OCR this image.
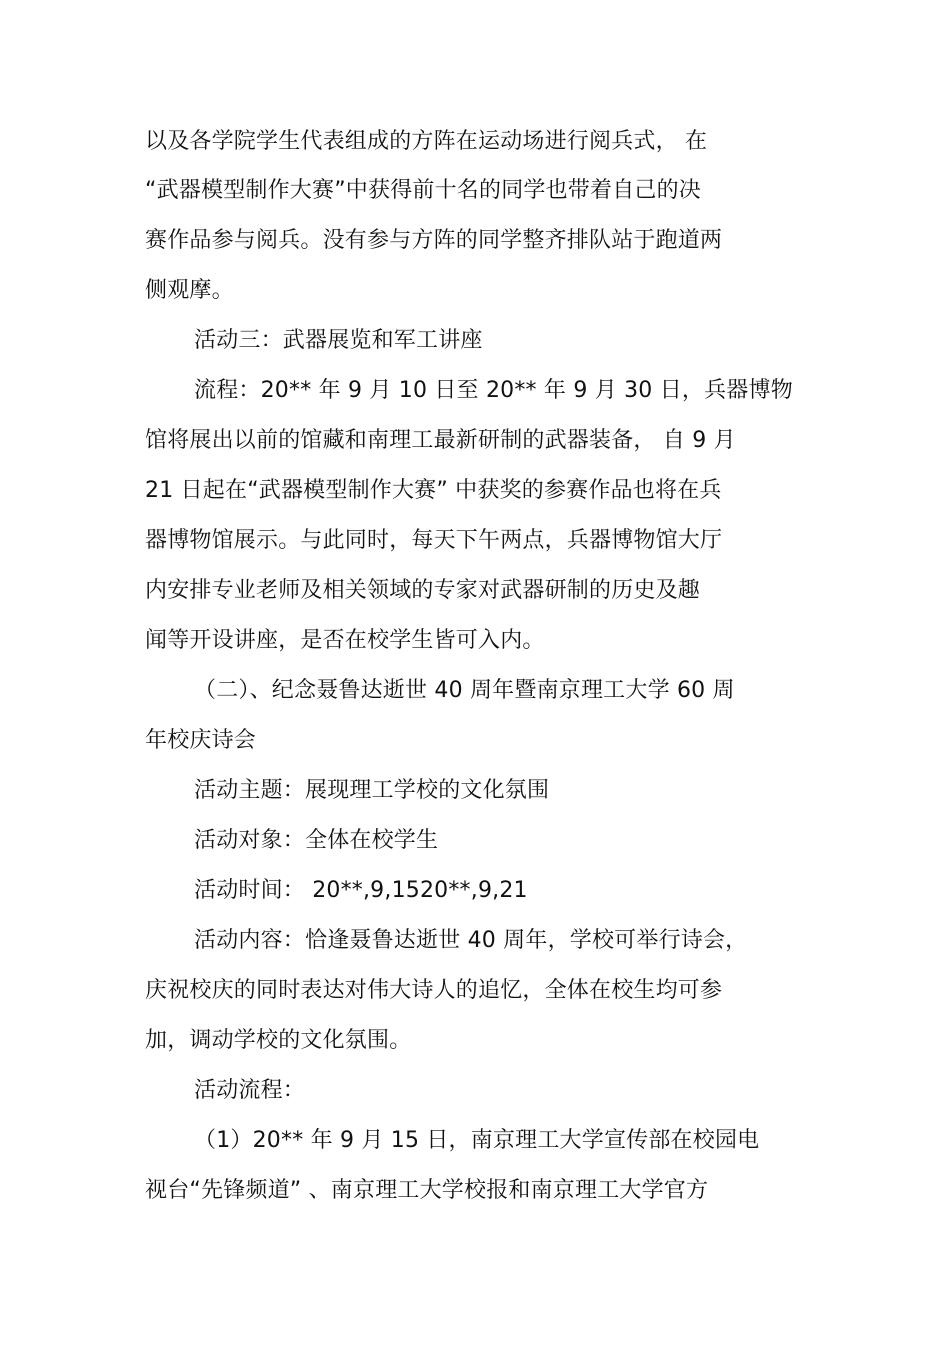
以及各学院学生代表组成的方阵在运动场进行阅兵式， 在

“武器模型制作大赛”中获得前十名的同学也带着自己的决

赛作品参与阅兵。没有参与方阵的同学整齐排队站于跑道两

侧观摩。

活动三：武器展览和军工讲座

流程：20** 年 9 月 10 日至 20** 年 9 月 30 日，兵器博物

馆将展出以前的馆藏和南理工最新研制的武器装备， 自 9 月

21 日起在“武器模型制作大赛” 中获奖的参赛作品也将在兵

器博物馆展示。与此同时，每天下午两点，兵器博物馆大厅

内安排专业老师及相关领域的专家对武器研制的历史及趣

闻等开设讲座，是否在校学生皆可入内。

（二）、纪念聂鲁达逝世 40 周年暨南京理工大学 60 周

年校庆诗会

活动主题：展现理工学校的文化氛围

活动对象：全体在校学生

活动时间： 20**,9,1520**,9,21

活动内容：恰逢聂鲁达逝世 40 周年，学校可举行诗会，

庆祝校庆的同时表达对伟大诗人的追忆，全体在校生均可参

加，调动学校的文化氛围。

活动流程：

（1）20** 年 9 月 15 日，南京理工大学宣传部在校园电

视台“先锋频道” 、南京理工大学校报和南京理工大学官方
